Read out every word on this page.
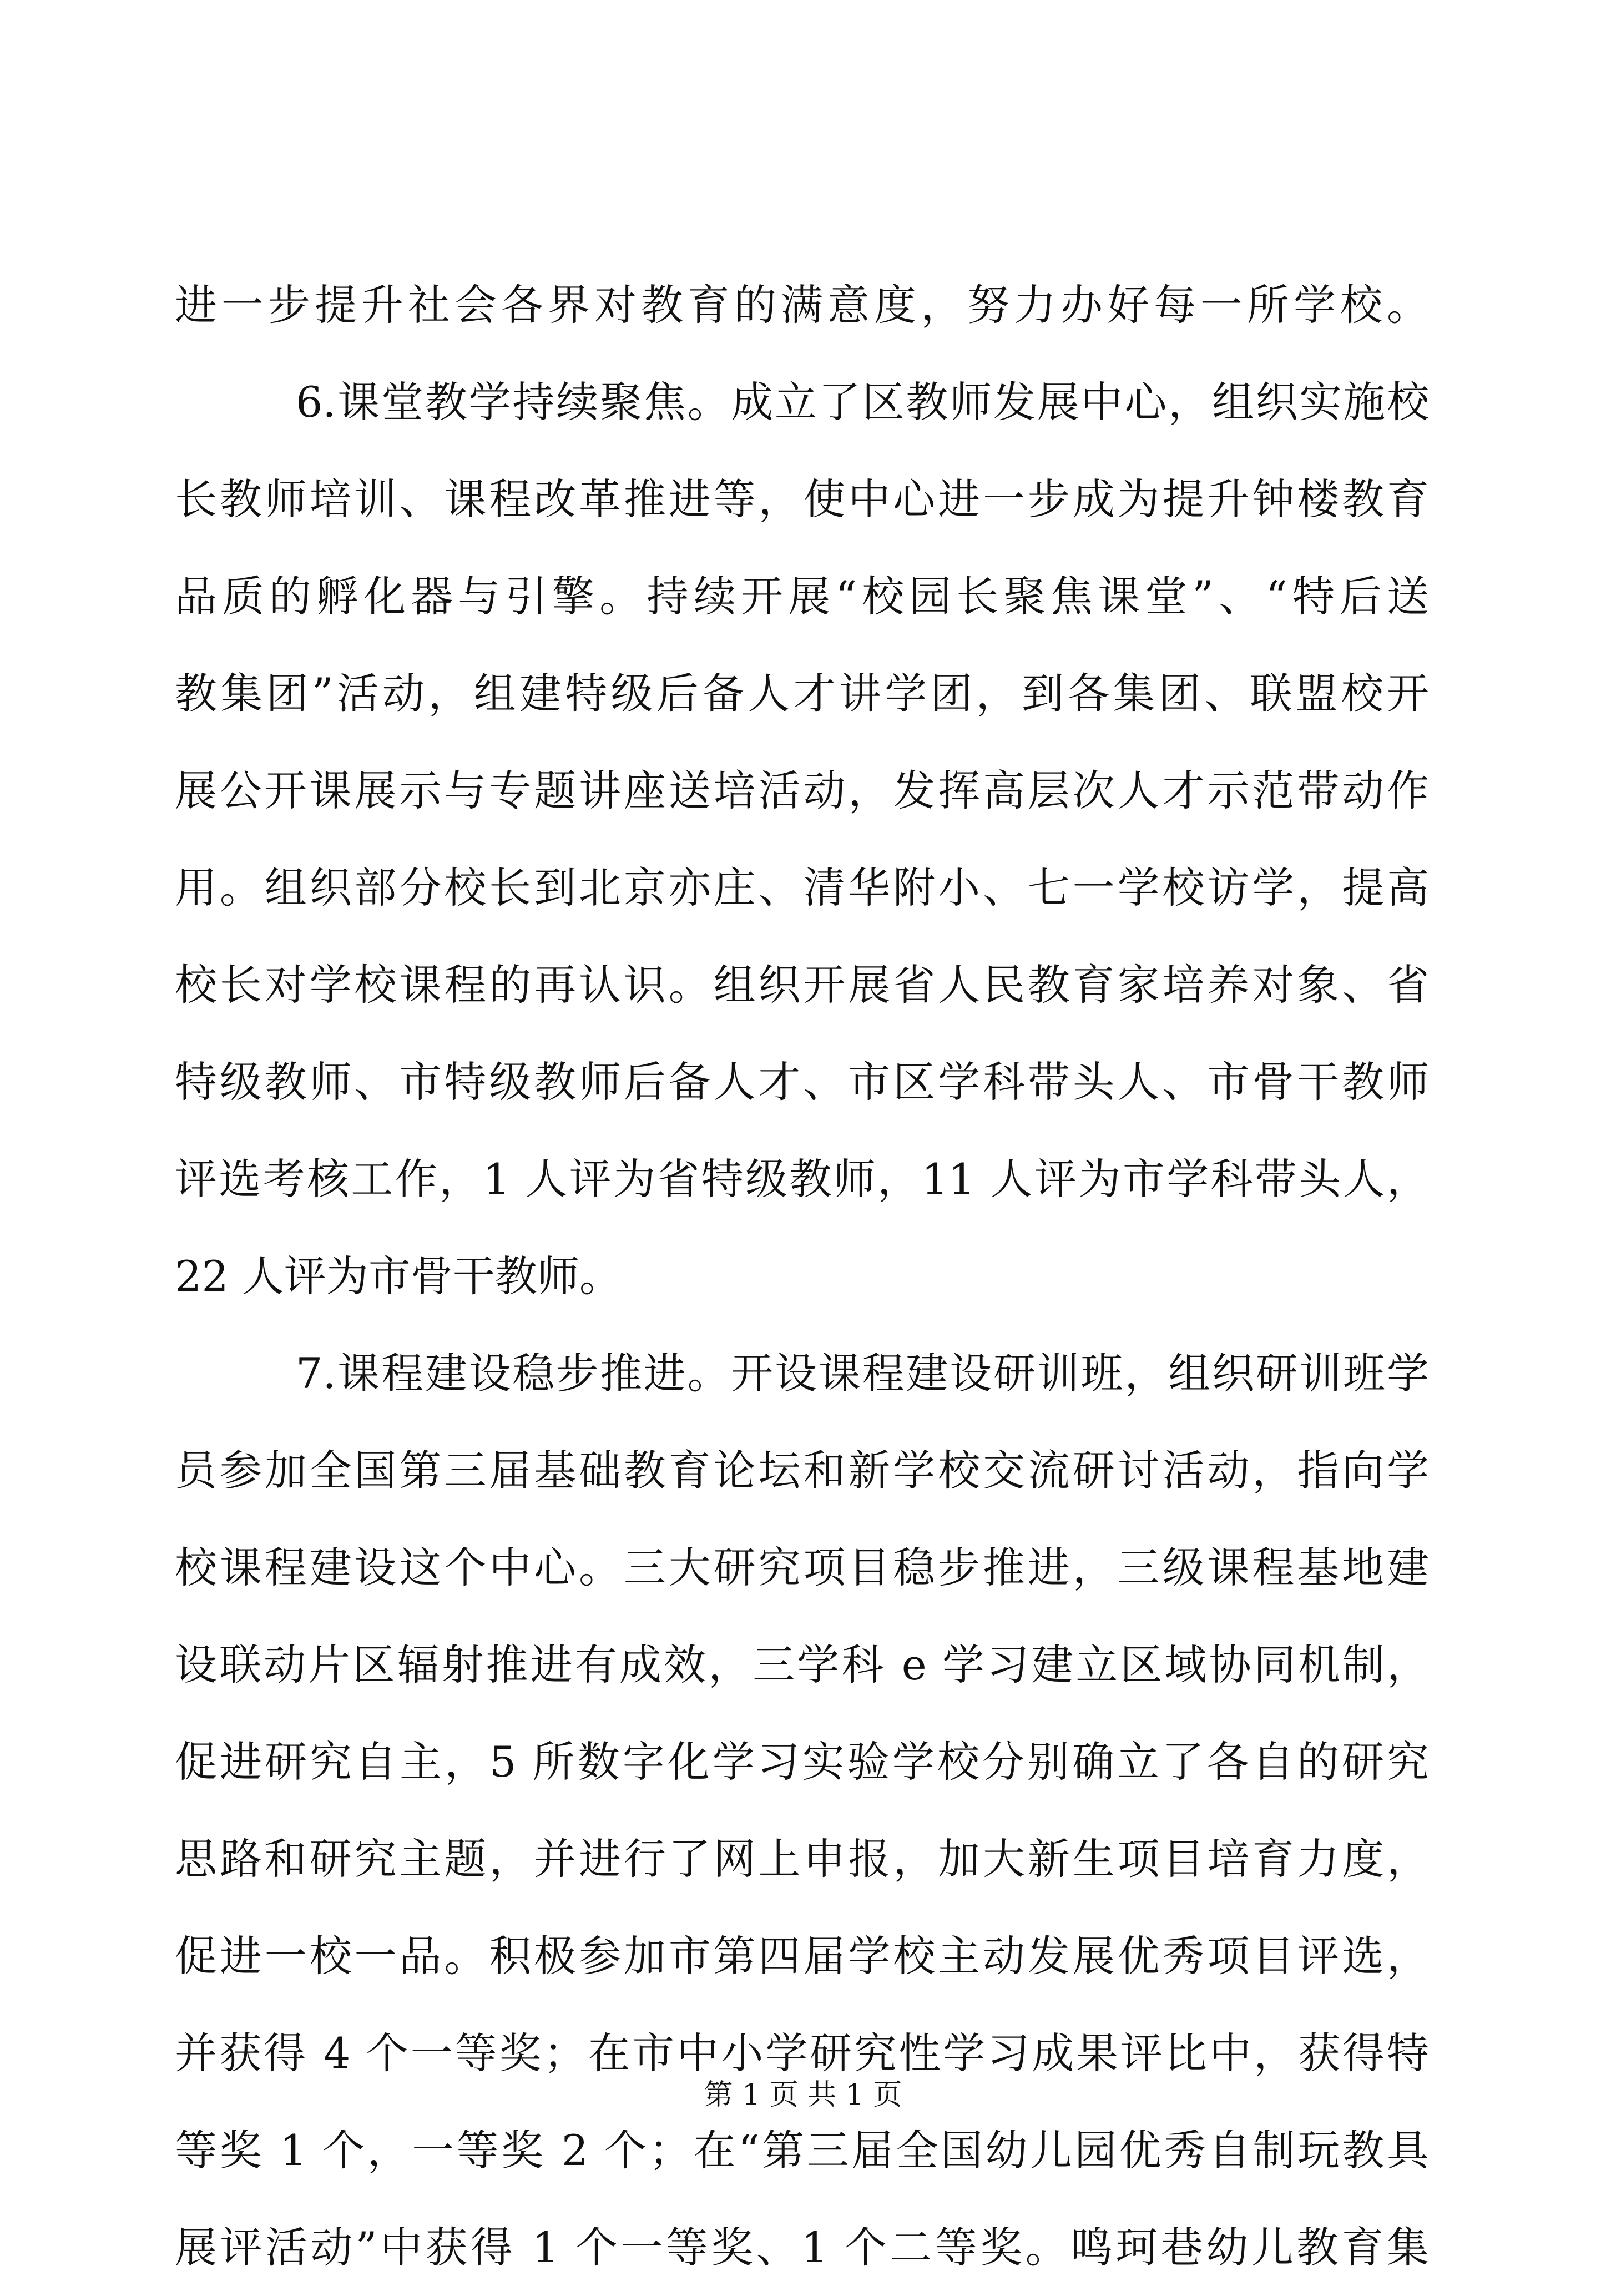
进一步提升社会各界对教育的满意度，努力办好每一所学校。
6.课堂教学持续聚焦。成立了区教师发展中心，组织实施校
长教师培训、课程改革推进等，使中心进一步成为提升钟楼教育
品质的孵化器与引擎。持续开展“校园长聚焦课堂”、“特后送
教集团”活动，组建特级后备人才讲学团，到各集团、联盟校开
展公开课展示与专题讲座送培活动，发挥高层次人才示范带动作
用。组织部分校长到北京亦庄、清华附小、七一学校访学，提高
校长对学校课程的再认识。组织开展省人民教育家培养对象、省
特级教师、市特级教师后备人才、市区学科带头人、市骨干教师
评选考核工作，1 人评为省特级教师，11 人评为市学科带头人，
22 人评为市骨干教师。
7.课程建设稳步推进。开设课程建设研训班，组织研训班学
员参加全国第三届基础教育论坛和新学校交流研讨活动，指向学
校课程建设这个中心。三大研究项目稳步推进，三级课程基地建
设联动片区辐射推进有成效，三学科 e 学习建立区域协同机制，
促进研究自主，5 所数字化学习实验学校分别确立了各自的研究
思路和研究主题，并进行了网上申报，加大新生项目培育力度，
促进一校一品。积极参加市第四届学校主动发展优秀项目评选，
并获得 4 个一等奖；在市中小学研究性学习成果评比中，获得特
等奖 1 个，一等奖 2 个；在“第三届全国幼儿园优秀自制玩教具
展评活动”中获得 1 个一等奖、1 个二等奖。鸣珂巷幼儿教育集
第 1 页 共 1 页
